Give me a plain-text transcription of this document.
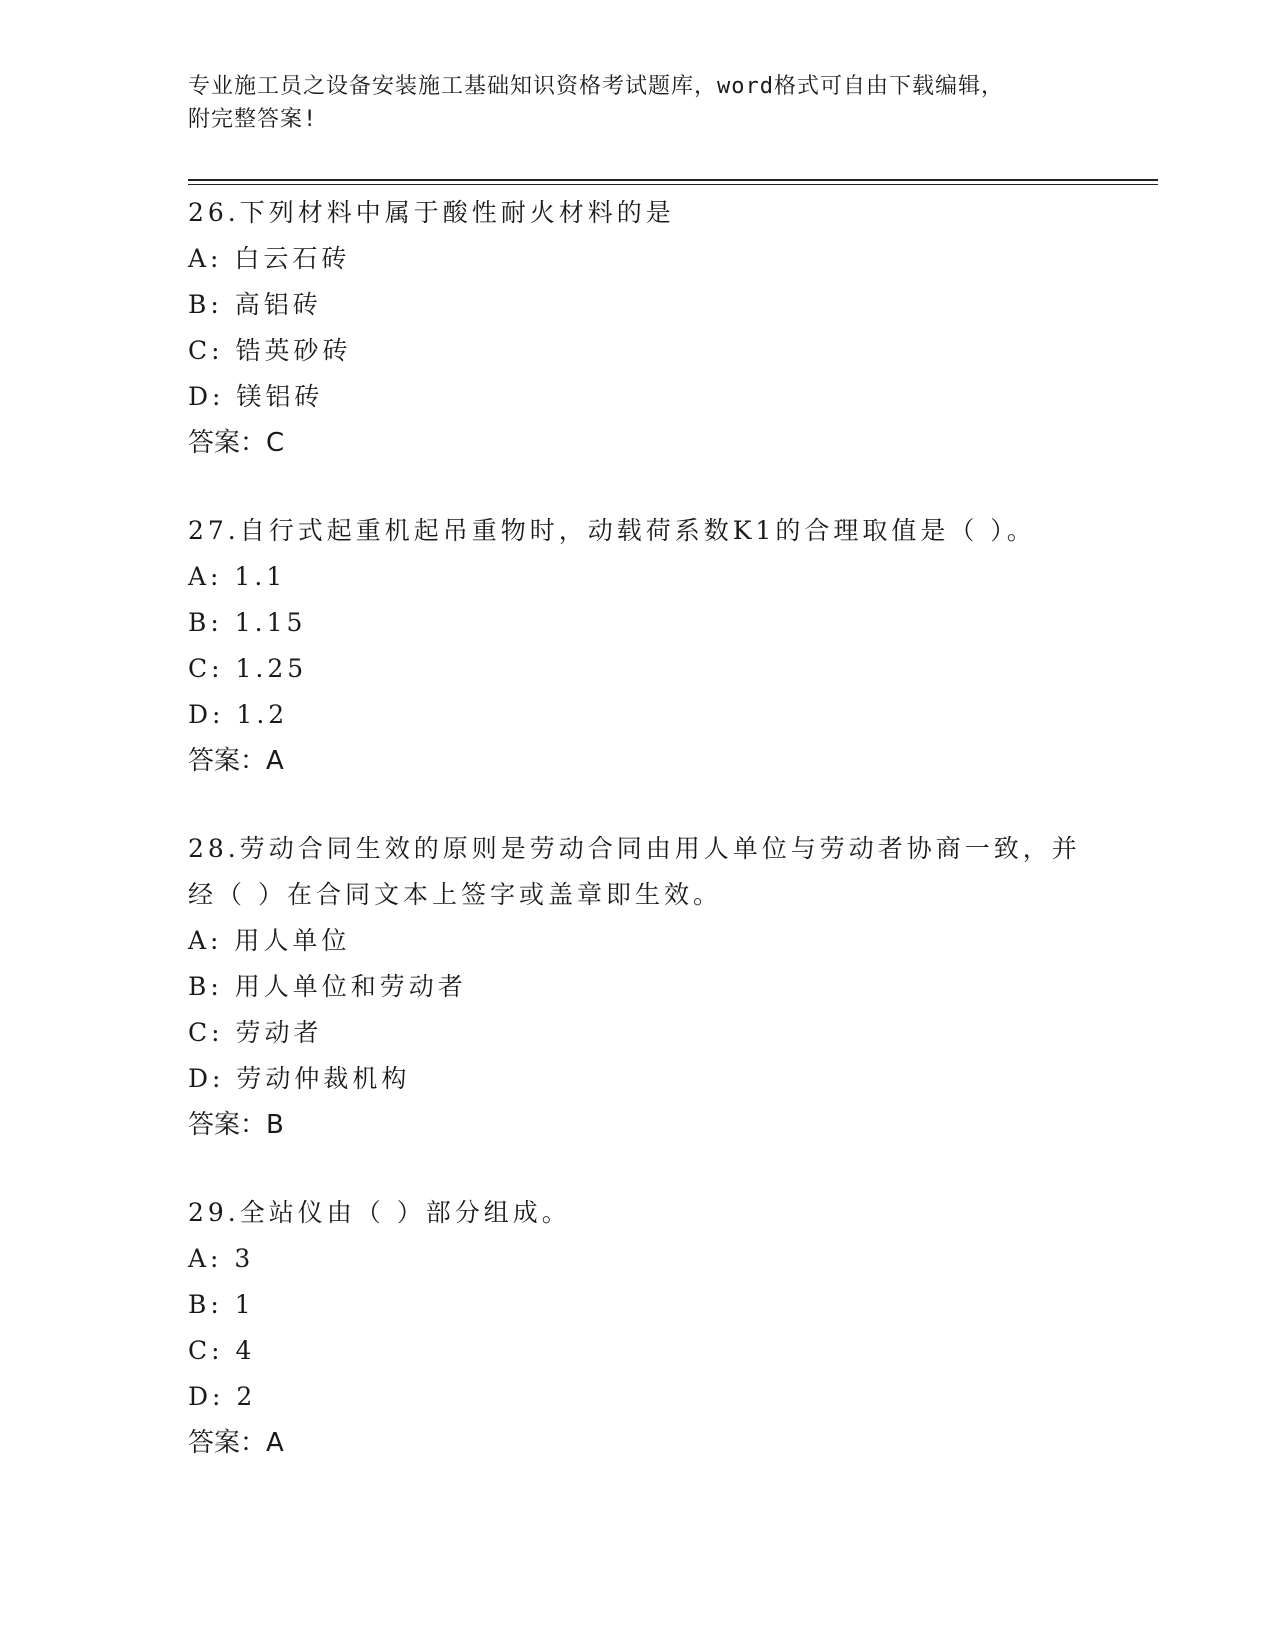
专业施工员之设备安装施工基础知识资格考试题库，word格式可自由下载编辑，
附完整答案!

26.下列材料中属于酸性耐火材料的是

A: 白云石砖

B: 高铝砖

C: 锆英砂砖

D: 镁铝砖

答案：C

27.自行式起重机起吊重物时，动载荷系数K1的合理取值是（ ）。

A: 1.1

B: 1.15

C: 1.25

D: 1.2

答案：A

28.劳动合同生效的原则是劳动合同由用人单位与劳动者协商一致，并经（ ）在合同文本上签字或盖章即生效。

A: 用人单位

B: 用人单位和劳动者

C: 劳动者

D: 劳动仲裁机构

答案：B

29.全站仪由（ ）部分组成。

A: 3

B: 1

C: 4

D: 2

答案：A
